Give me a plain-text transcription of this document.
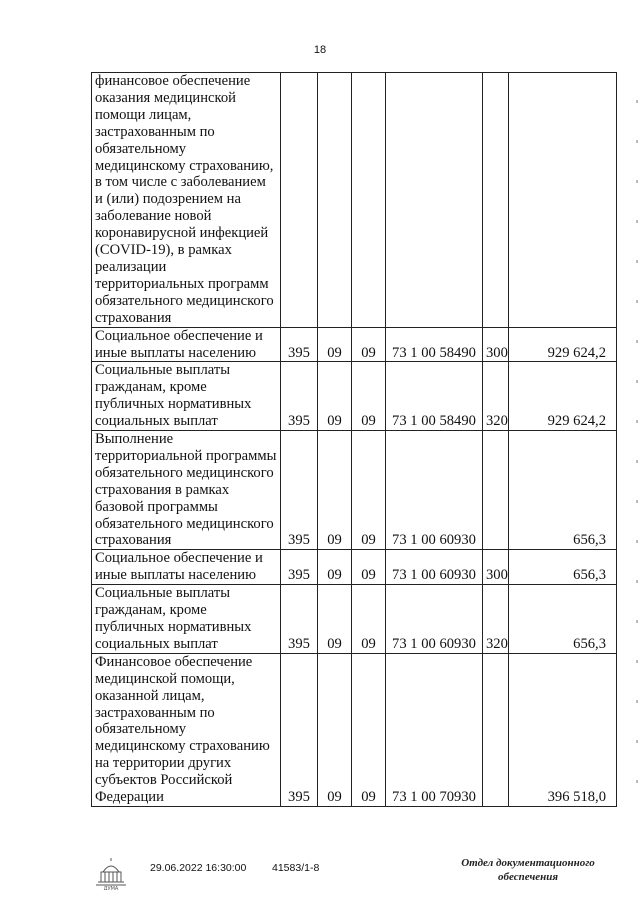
18
финансовое обеспечение оказания медицинской помощи лицам, застрахованным по обязательному медицинскому страхованию, в том числе с заболеванием и (или) подозрением на заболевание новой коронавирусной инфекцией (COVID-19), в рамках реализации территориальных программ обязательного медицинского страхования						
Социальное обеспечение и иные выплаты населению	395	09	09	73 1 00 58490	300	929 624,2
Социальные выплаты гражданам, кроме публичных нормативных социальных выплат	395	09	09	73 1 00 58490	320	929 624,2
Выполнение территориальной программы обязательного медицинского страхования в рамках базовой программы обязательного медицинского страхования	395	09	09	73 1 00 60930		656,3
Социальное обеспечение и иные выплаты населению	395	09	09	73 1 00 60930	300	656,3
Социальные выплаты гражданам, кроме публичных нормативных социальных выплат	395	09	09	73 1 00 60930	320	656,3
Финансовое обеспечение медицинской помощи, оказанной лицам, застрахованным по обязательному медицинскому страхованию на территории других субъектов Российской Федерации	395	09	09	73 1 00 70930		396 518,0
ДУМА
29.06.2022 16:30:00 41583/1-8	Отдел документационного
обеспечения
